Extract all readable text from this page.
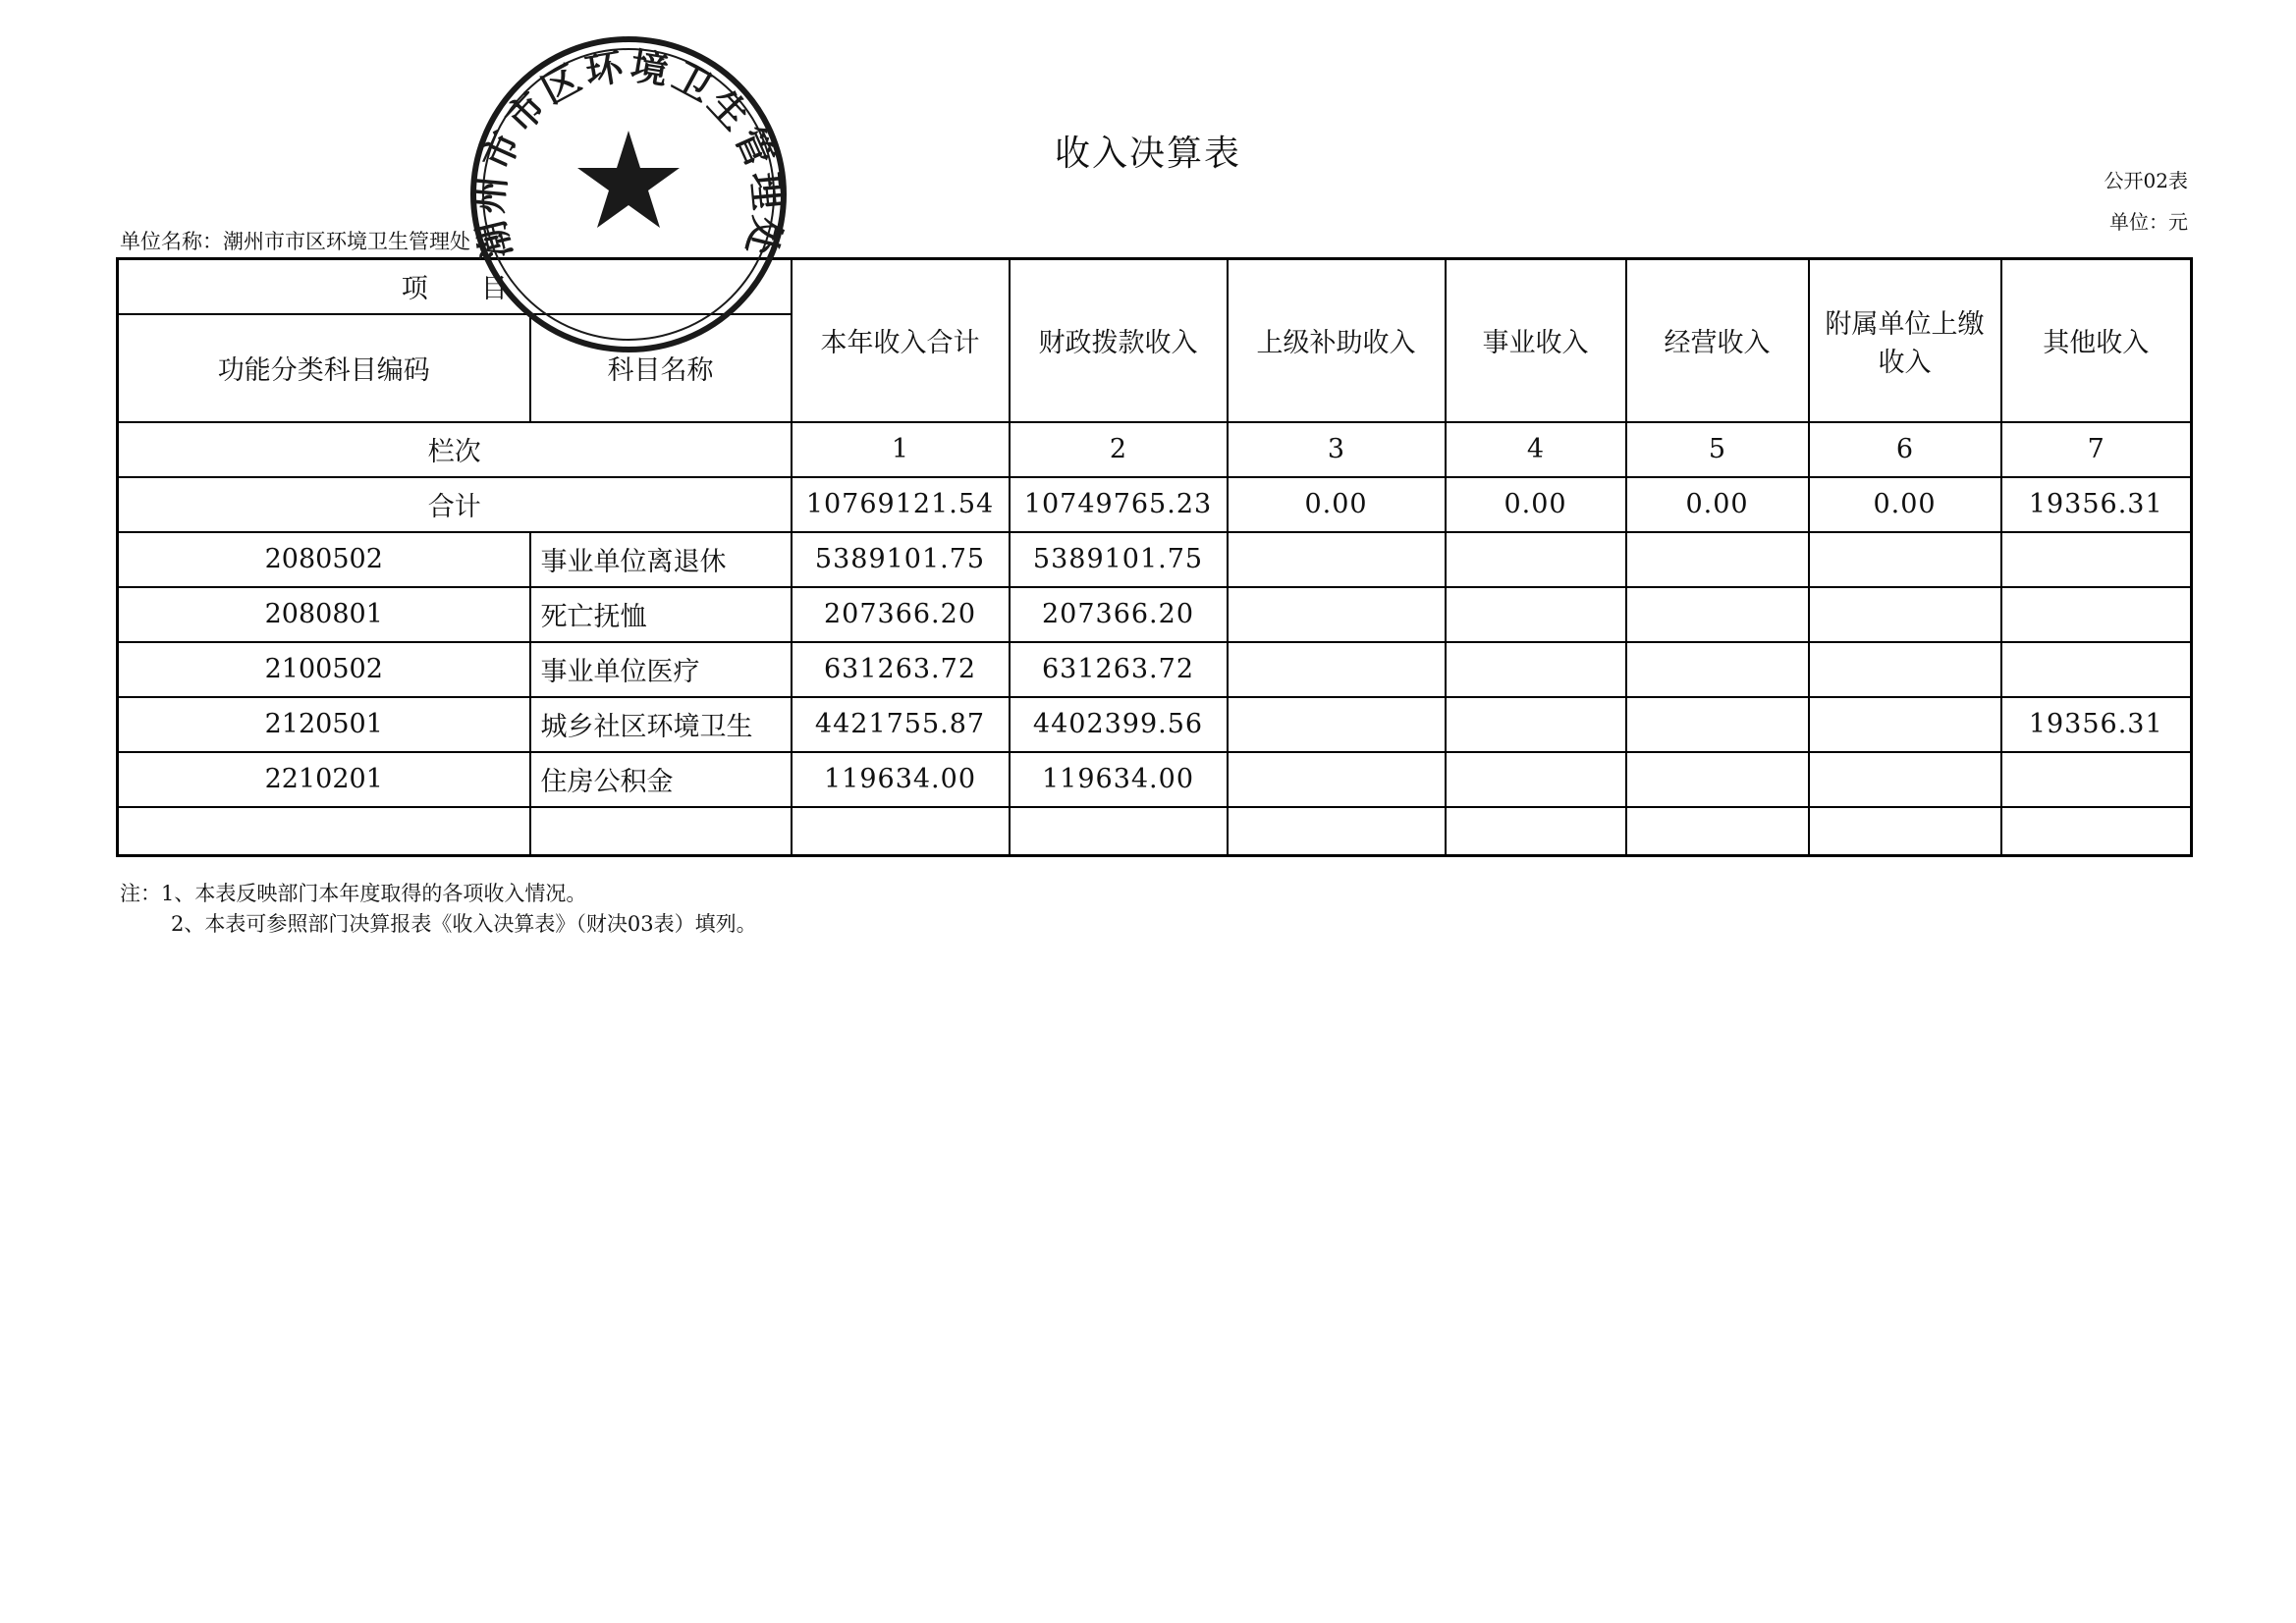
收入决算表
公开02表
单位：元
单位名称：潮州市市区环境卫生管理处
项　　目		本年收入合计	财政拨款收入	上级补助收入	事业收入	经营收入	附属单位上缴收入	其他收入
功能分类科目编码	科目名称							
栏次		1	2	3	4	5	6	7
合计		10769121.54	10749765.23	0.00	0.00	0.00	0.00	19356.31
2080502	事业单位离退休	5389101.75	5389101.75					
2080801	死亡抚恤	207366.20	207366.20					
2100502	事业单位医疗	631263.72	631263.72					
2120501	城乡社区环境卫生	4421755.87	4402399.56					19356.31
2210201	住房公积金	119634.00	119634.00					

注：1、本表反映部门本年度取得的各项收入情况。
2、本表可参照部门决算报表《收入决算表》（财决03表）填列。
潮州市市区环境卫生管理处
